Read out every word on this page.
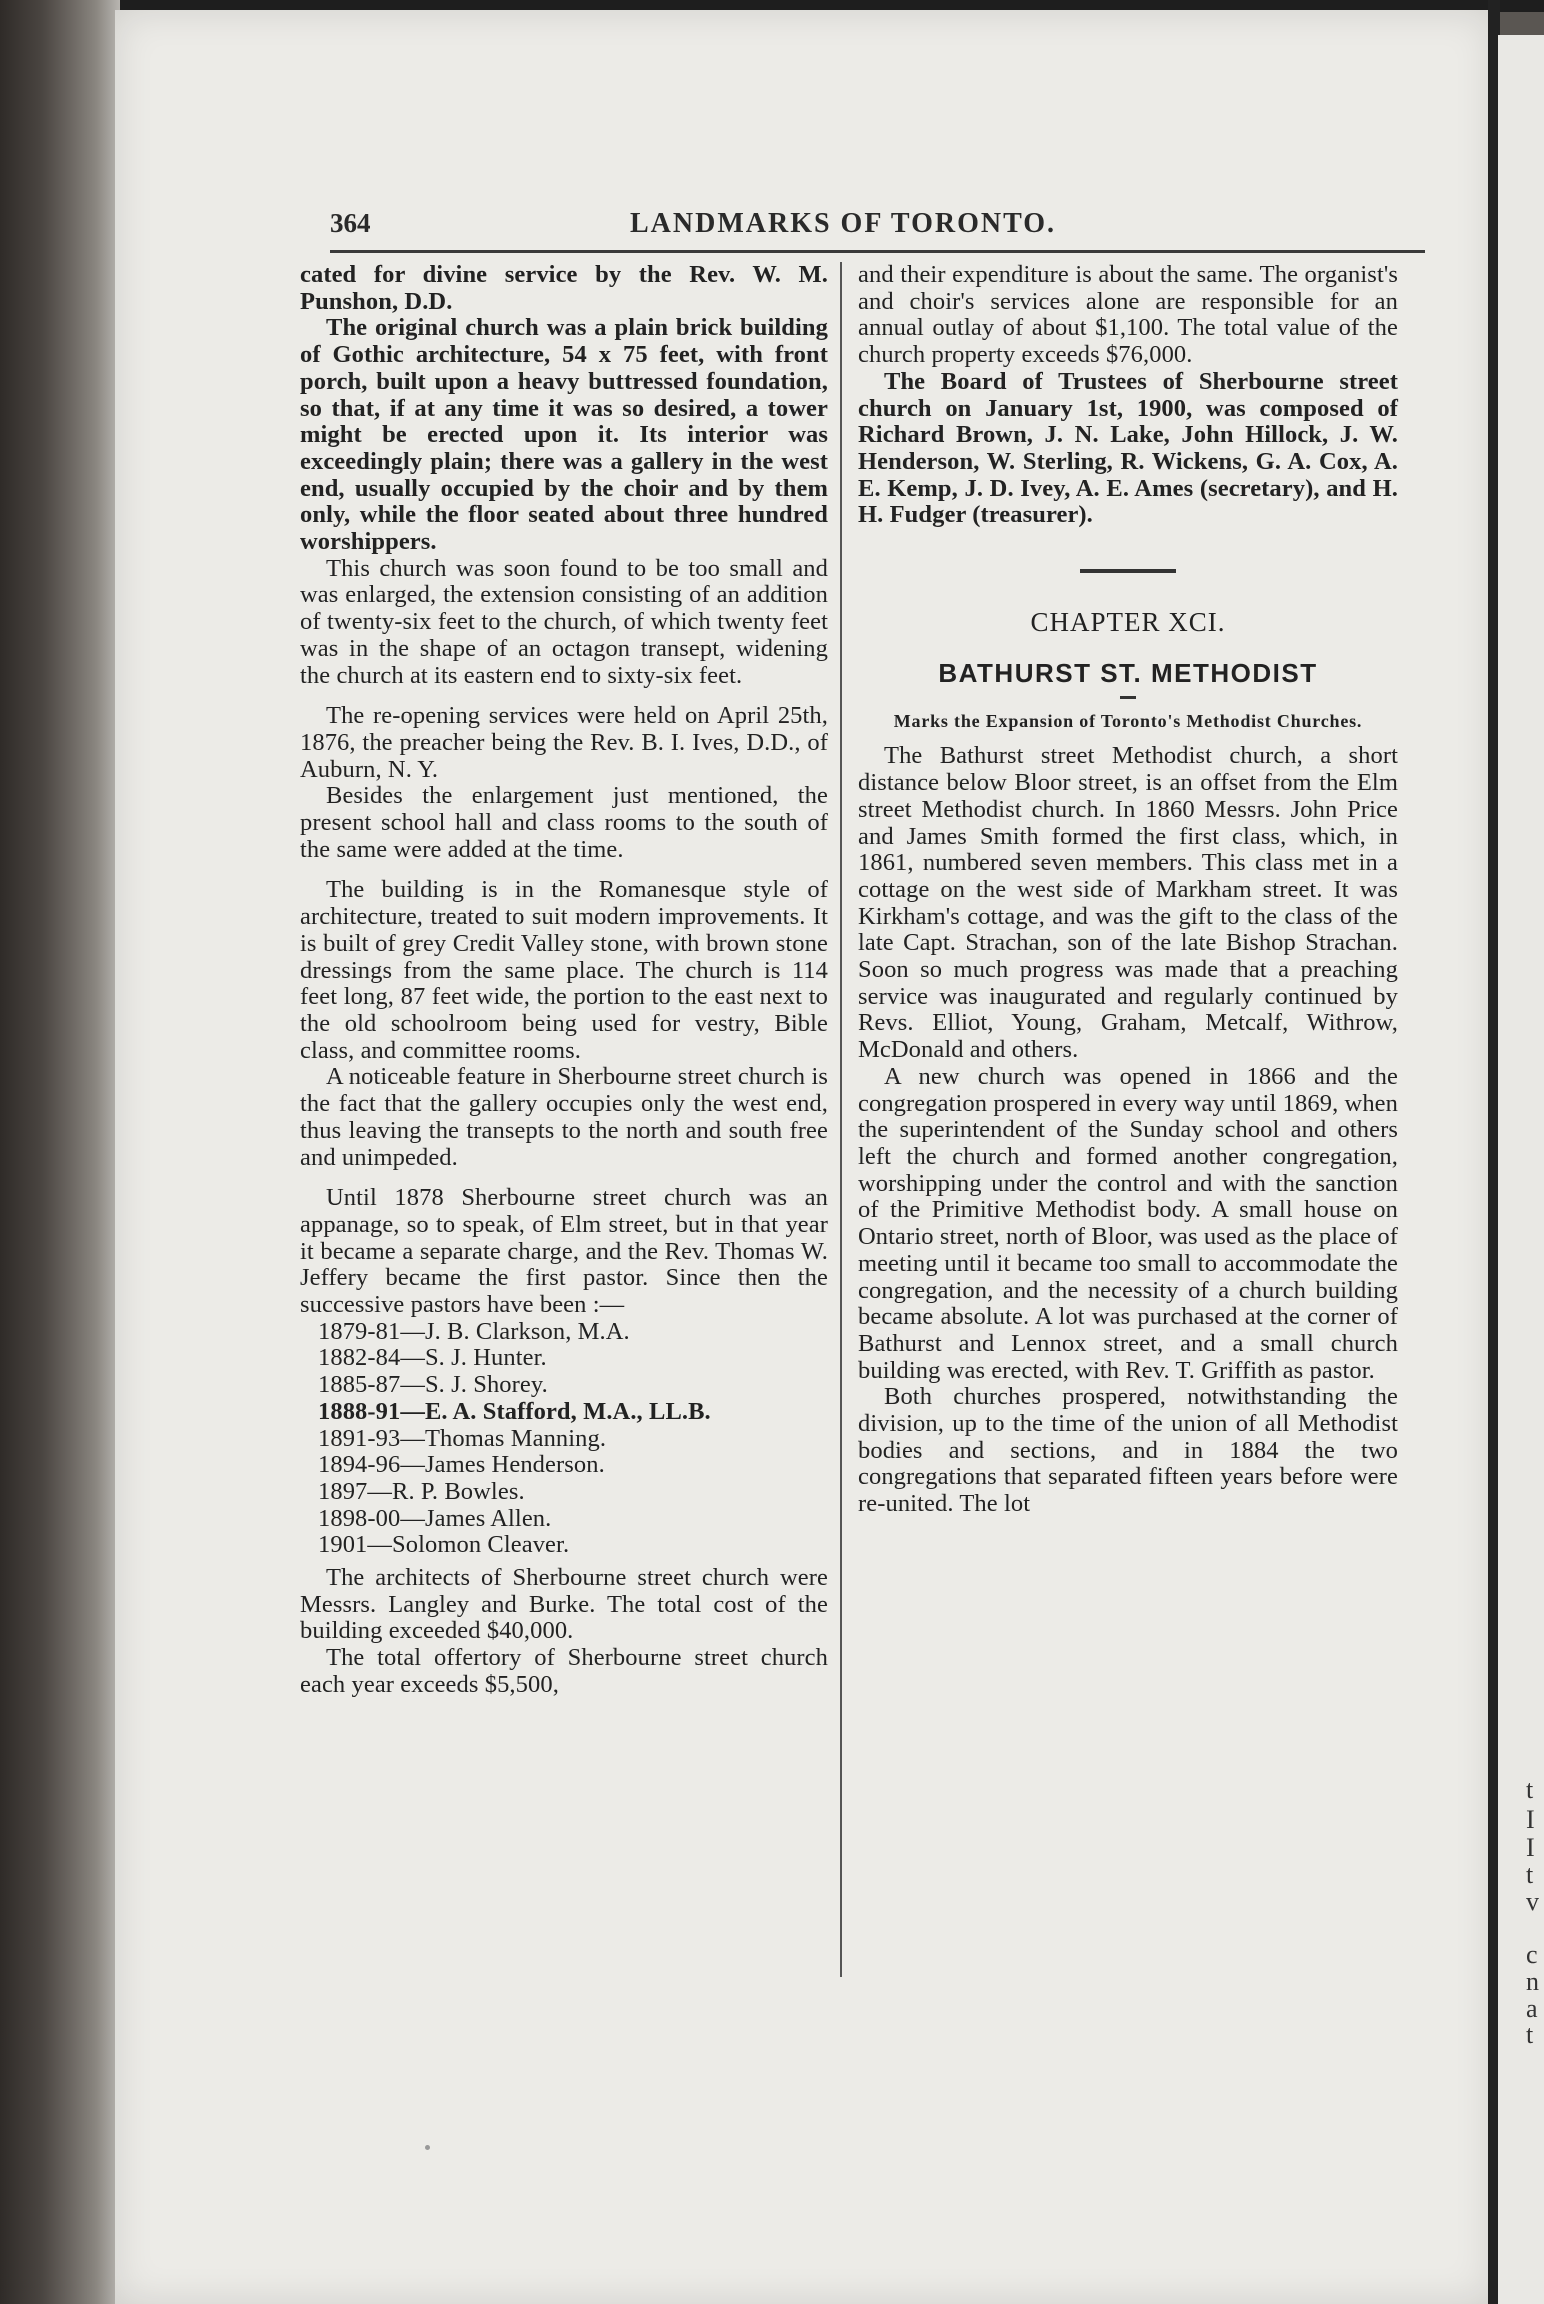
t
I
I
t
v
c
n
a
t
364	LANDMARKS OF TORONTO.

cated for divine service by the Rev. W. M. Punshon, D.D.

The original church was a plain brick building of Gothic architecture, 54 x 75 feet, with front porch, built upon a heavy buttressed foundation, so that, if at any time it was so desired, a tower might be erected upon it. Its interior was exceedingly plain; there was a gallery in the west end, usually occupied by the choir and by them only, while the floor seated about three hundred worshippers.

This church was soon found to be too small and was enlarged, the extension consisting of an addition of twenty-six feet to the church, of which twenty feet was in the shape of an octagon transept, widening the church at its eastern end to sixty-six feet.

The re-opening services were held on April 25th, 1876, the preacher being the Rev. B. I. Ives, D.D., of Auburn, N. Y.

Besides the enlargement just mentioned, the present school hall and class rooms to the south of the same were added at the time.

The building is in the Romanesque style of architecture, treated to suit modern improvements. It is built of grey Credit Valley stone, with brown stone dressings from the same place. The church is 114 feet long, 87 feet wide, the portion to the east next to the old schoolroom being used for vestry, Bible class, and committee rooms.

A noticeable feature in Sherbourne street church is the fact that the gallery occupies only the west end, thus leaving the transepts to the north and south free and unimpeded.

Until 1878 Sherbourne street church was an appanage, so to speak, of Elm street, but in that year it became a separate charge, and the Rev. Thomas W. Jeffery became the first pastor. Since then the successive pastors have been :—

1879-81—J. B. Clarkson, M.A.

1882-84—S. J. Hunter.

1885-87—S. J. Shorey.

1888-91—E. A. Stafford, M.A., LL.B.

1891-93—Thomas Manning.

1894-96—James Henderson.

1897—R. P. Bowles.

1898-00—James Allen.

1901—Solomon Cleaver.

The architects of Sherbourne street church were Messrs. Langley and Burke. The total cost of the building exceeded $40,000.

The total offertory of Sherbourne street church each year exceeds $5,500,

and their expenditure is about the same. The organist's and choir's services alone are responsible for an annual outlay of about $1,100. The total value of the church property exceeds $76,000.

The Board of Trustees of Sherbourne street church on January 1st, 1900, was composed of Richard Brown, J. N. Lake, John Hillock, J. W. Henderson, W. Sterling, R. Wickens, G. A. Cox, A. E. Kemp, J. D. Ivey, A. E. Ames (secretary), and H. H. Fudger (treasurer).

CHAPTER XCI.

BATHURST ST. METHODIST

Marks the Expansion of Toronto's Methodist Churches.

The Bathurst street Methodist church, a short distance below Bloor street, is an offset from the Elm street Methodist church. In 1860 Messrs. John Price and James Smith formed the first class, which, in 1861, numbered seven members. This class met in a cottage on the west side of Markham street. It was Kirkham's cottage, and was the gift to the class of the late Capt. Strachan, son of the late Bishop Strachan. Soon so much progress was made that a preaching service was inaugurated and regularly continued by Revs. Elliot, Young, Graham, Metcalf, Withrow, McDonald and others.

A new church was opened in 1866 and the congregation prospered in every way until 1869, when the superintendent of the Sunday school and others left the church and formed another congregation, worshipping under the control and with the sanction of the Primitive Methodist body. A small house on Ontario street, north of Bloor, was used as the place of meeting until it became too small to accommodate the congregation, and the necessity of a church building became absolute. A lot was purchased at the corner of Bathurst and Lennox street, and a small church building was erected, with Rev. T. Griffith as pastor.

Both churches prospered, notwithstanding the division, up to the time of the union of all Methodist bodies and sections, and in 1884 the two congregations that separated fifteen years before were re-united. The lot
